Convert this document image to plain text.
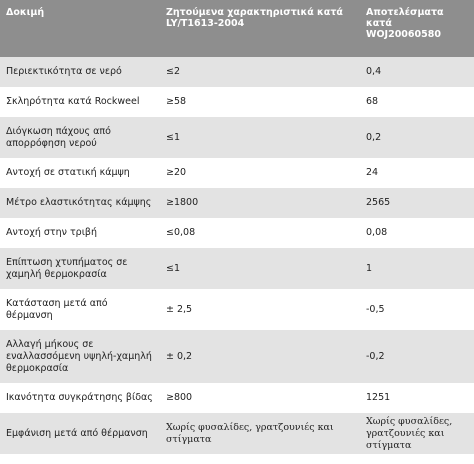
Δοκιμή	Ζητούμενα χαρακτηριστικά κατά LY/T1613-2004	Αποτελέσματα κατά WOJ20060580
Περιεκτικότητα σε νερό	≤2	0,4
Σκληρότητα κατά Rockweel	≥58	68
Διόγκωση πάχους από απορρόφηση νερού	≤1	0,2
Αντοχή σε στατική κάμψη	≥20	24
Μέτρο ελαστικότητας κάμψης	≥1800	2565
Αντοχή στην τριβή	≤0,08	0,08
Επίπτωση χτυπήματος σε χαμηλή θερμοκρασία	≤1	1
Κατάσταση μετά από θέρμανση	± 2,5	-0,5
Αλλαγή μήκους σε εναλλασσόμενη υψηλή-χαμηλή θερμοκρασία	± 0,2	-0,2
Ικανότητα συγκράτησης βίδας	≥800	1251
Εμφάνιση μετά από θέρμανση	Χωρίς φυσαλίδες, γρατζουνιές και στίγματα	Χωρίς φυσαλίδες, γρατζουνιές και στίγματα
